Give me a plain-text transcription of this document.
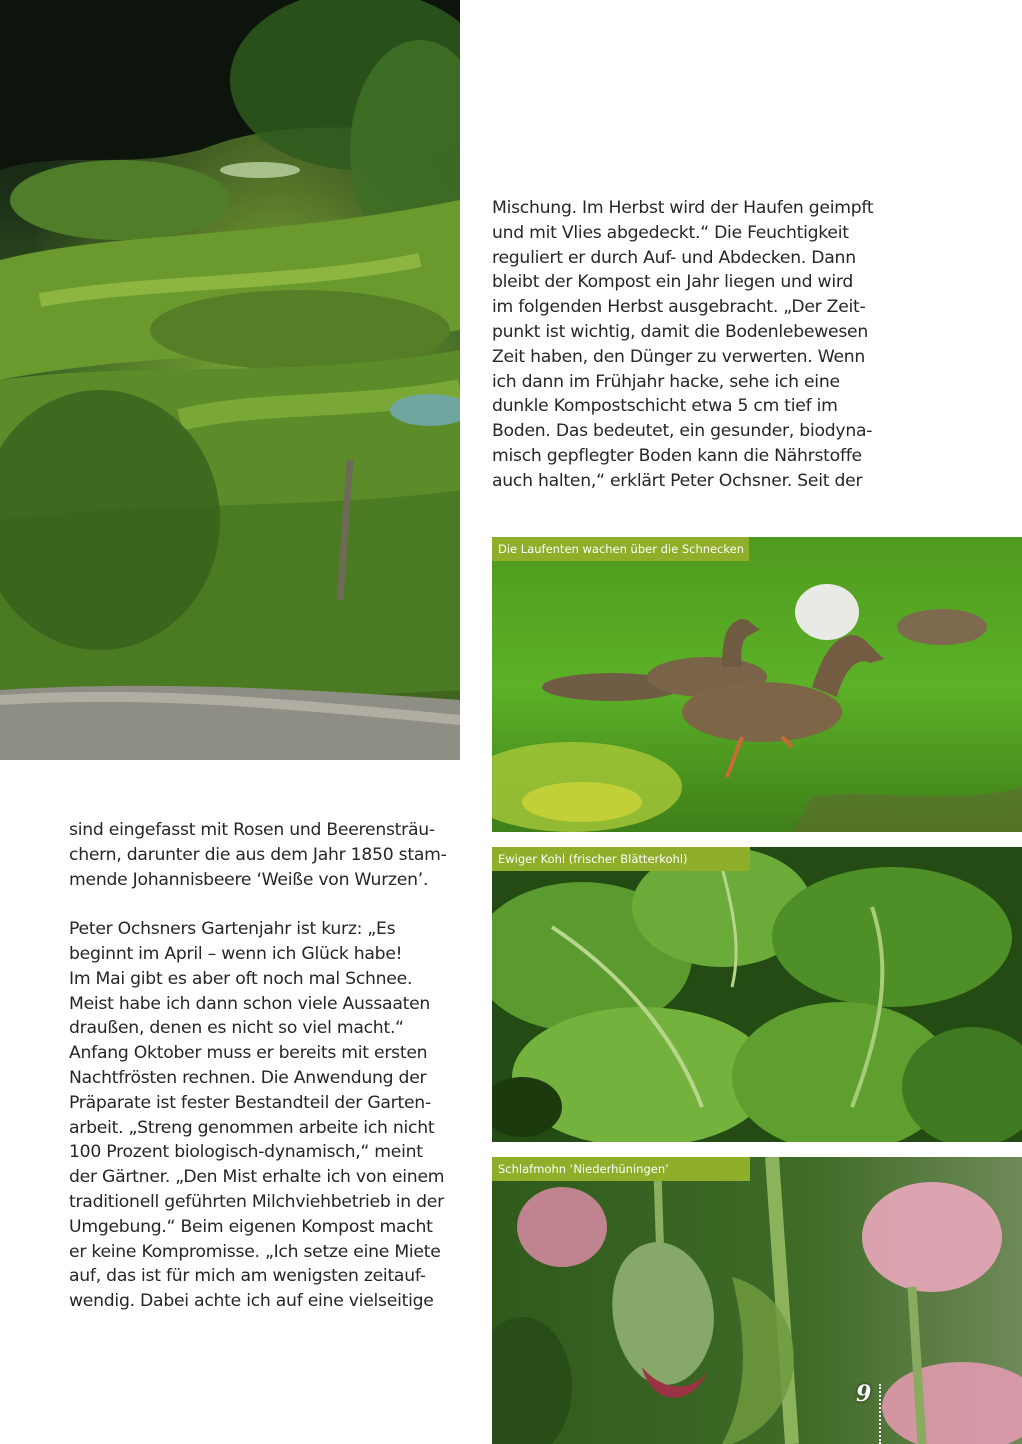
Mischung. Im Herbst wird der Haufen geimpft
und mit Vlies abgedeckt.“ Die Feuchtigkeit
reguliert er durch Auf- und Abdecken. Dann
bleibt der Kompost ein Jahr liegen und wird
im folgenden Herbst ausgebracht. „Der Zeit-
punkt ist wichtig, damit die Bodenlebewesen
Zeit haben, den Dünger zu verwerten. Wenn
ich dann im Frühjahr hacke, sehe ich eine
dunkle Kompostschicht etwa 5 cm tief im
Boden. Das bedeutet, ein gesunder, biodyna-
misch gepflegter Boden kann die Nährstoffe
auch halten,“ erklärt Peter Ochsner. Seit der
Die Laufenten wachen über die Schnecken
Ewiger Kohl (frischer Blätterkohl)
Schlafmohn ‘Niederhüningen’
sind eingefasst mit Rosen und Beerensträu-
chern, darunter die aus dem Jahr 1850 stam-
mende Johannisbeere ‘Weiße von Wurzen’.
Peter Ochsners Gartenjahr ist kurz: „Es
beginnt im April – wenn ich Glück habe!
Im Mai gibt es aber oft noch mal Schnee.
Meist habe ich dann schon viele Aussaaten
draußen, denen es nicht so viel macht.“
Anfang Oktober muss er bereits mit ersten
Nachtfrösten rechnen. Die Anwendung der
Präparate ist fester Bestandteil der Garten-
arbeit. „Streng genommen arbeite ich nicht
100 Prozent biologisch-dynamisch,“ meint
der Gärtner. „Den Mist erhalte ich von einem
traditionell geführten Milchviehbetrieb in der
Umgebung.“ Beim eigenen Kompost macht
er keine Kompromisse. „Ich setze eine Miete
auf, das ist für mich am wenigsten zeitauf-
wendig. Dabei achte ich auf eine vielseitige
9
